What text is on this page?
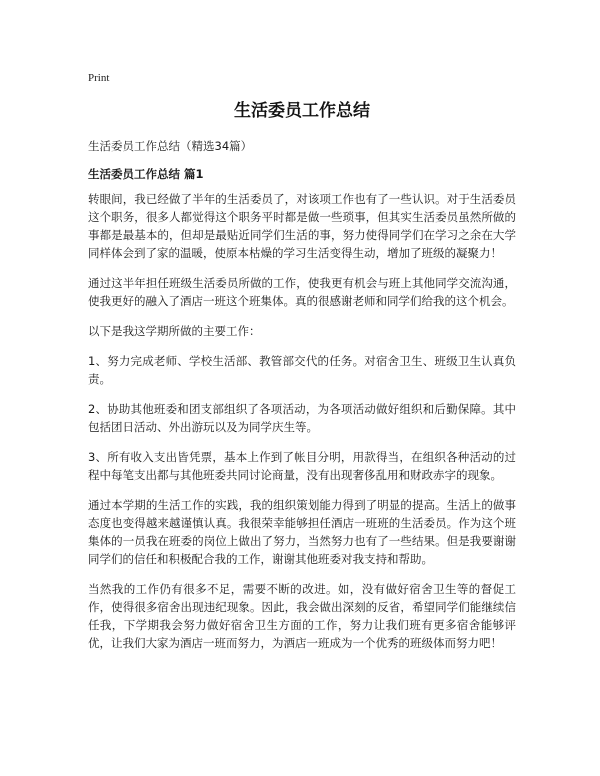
Print
生活委员工作总结
生活委员工作总结（精选34篇）
生活委员工作总结 篇1

转眼间，我已经做了半年的生活委员了，对该项工作也有了一些认识。对于生活委员这个职务，很多人都觉得这个职务平时都是做一些琐事，但其实生活委员虽然所做的事都是最基本的，但却是最贴近同学们生活的事，努力使得同学们在学习之余在大学同样体会到了家的温暖，使原本枯燥的学习生活变得生动，增加了班级的凝聚力！

通过这半年担任班级生活委员所做的工作，使我更有机会与班上其他同学交流沟通，使我更好的融入了酒店一班这个班集体。真的很感谢老师和同学们给我的这个机会。

以下是我这学期所做的主要工作：

1、努力完成老师、学校生活部、教管部交代的任务。对宿舍卫生、班级卫生认真负责。

2、协助其他班委和团支部组织了各项活动，为各项活动做好组织和后勤保障。其中包括团日活动、外出游玩以及为同学庆生等。

3、所有收入支出皆凭票，基本上作到了帐目分明，用款得当，在组织各种活动的过程中每笔支出都与其他班委共同讨论商量，没有出现奢侈乱用和财政赤字的现象。

通过本学期的生活工作的实践，我的组织策划能力得到了明显的提高。生活上的做事态度也变得越来越谨慎认真。我很荣幸能够担任酒店一班班的生活委员。作为这个班集体的一员我在班委的岗位上做出了努力，当然努力也有了一些结果。但是我要谢谢同学们的信任和积极配合我的工作，谢谢其他班委对我支持和帮助。

当然我的工作仍有很多不足，需要不断的改进。如，没有做好宿舍卫生等的督促工作，使得很多宿舍出现违纪现象。因此，我会做出深刻的反省，希望同学们能继续信任我，下学期我会努力做好宿舍卫生方面的工作，努力让我们班有更多宿舍能够评优，让我们大家为酒店一班而努力，为酒店一班成为一个优秀的班级体而努力吧！
